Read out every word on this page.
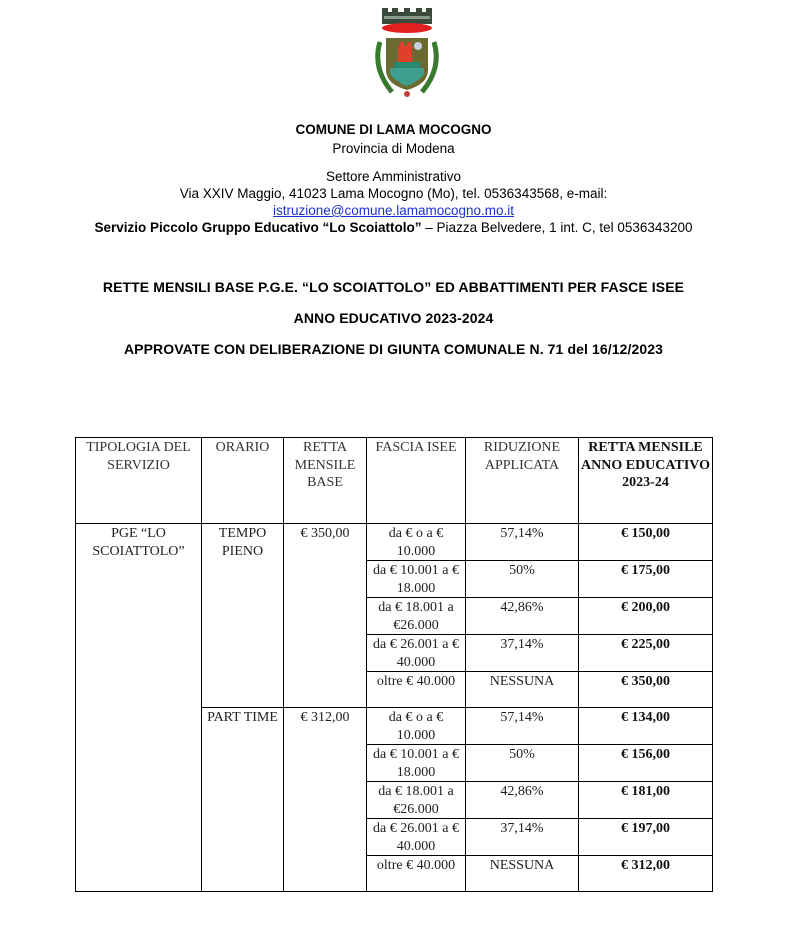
COMUNE DI LAMA MOCOGNO
Provincia di Modena
Settore Amministrativo
Via XXIV Maggio, 41023 Lama Mocogno (Mo), tel. 0536343568, e-mail:
istruzione@comune.lamamocogno.mo.it
Servizio Piccolo Gruppo Educativo “Lo Scoiattolo” – Piazza Belvedere, 1 int. C, tel 0536343200
RETTE MENSILI BASE P.G.E. “LO SCOIATTOLO” ED ABBATTIMENTI PER FASCE ISEE
ANNO EDUCATIVO 2023-2024
APPROVATE CON DELIBERAZIONE DI GIUNTA COMUNALE N. 71 del 16/12/2023
TIPOLOGIA DEL SERVIZIO	ORARIO	RETTA MENSILE BASE	FASCIA ISEE	RIDUZIONE APPLICATA	RETTA MENSILE ANNO EDUCATIVO 2023-24
PGE “LO SCOIATTOLO”	TEMPO PIENO	€ 350,00	da € o a € 10.000	57,14%	€ 150,00
			da € 10.001 a € 18.000	50%	€ 175,00
			da € 18.001 a €26.000	42,86%	€ 200,00
			da € 26.001 a € 40.000	37,14%	€ 225,00
			oltre € 40.000	NESSUNA	€ 350,00
	PART TIME	€ 312,00	da € o a € 10.000	57,14%	€ 134,00
			da € 10.001 a € 18.000	50%	€ 156,00
			da € 18.001 a €26.000	42,86%	€ 181,00
			da € 26.001 a € 40.000	37,14%	€ 197,00
			oltre € 40.000	NESSUNA	€ 312,00
